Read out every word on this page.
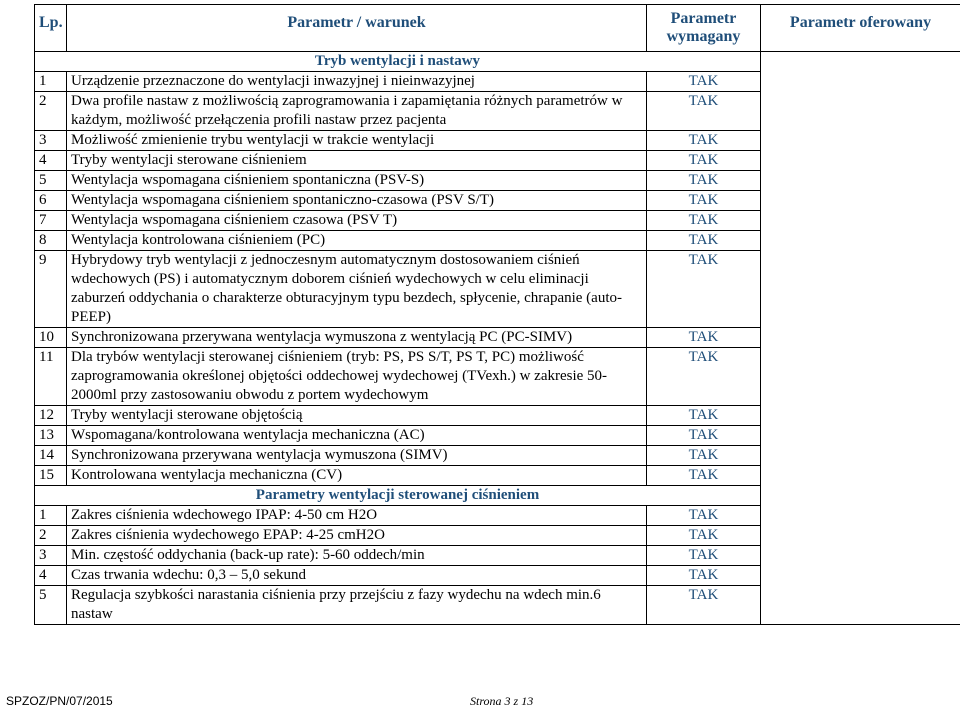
Lp.	Parametr / warunek	Parametr wymagany	Parametr oferowany
Tryb wentylacji i nastawy			
1	Urządzenie przeznaczone do wentylacji inwazyjnej i nieinwazyjnej	TAK	
2	Dwa profile nastaw z możliwością zaprogramowania i zapamiętania różnych parametrów w każdym, możliwość przełączenia profili nastaw przez pacjenta	TAK	
3	Możliwość zmienienie trybu wentylacji w trakcie wentylacji	TAK	
4	Tryby wentylacji sterowane ciśnieniem	TAK	
5	Wentylacja wspomagana ciśnieniem spontaniczna (PSV-S)	TAK	
6	Wentylacja wspomagana ciśnieniem spontaniczno-czasowa (PSV S/T)	TAK	
7	Wentylacja wspomagana ciśnieniem czasowa (PSV T)	TAK	
8	Wentylacja kontrolowana ciśnieniem (PC)	TAK	
9	Hybrydowy tryb wentylacji z jednoczesnym automatycznym dostosowaniem ciśnień wdechowych (PS) i automatycznym doborem ciśnień wydechowych w celu eliminacji zaburzeń oddychania o charakterze obturacyjnym typu bezdech, spłycenie, chrapanie (auto-PEEP)	TAK	
10	Synchronizowana przerywana wentylacja wymuszona z wentylacją PC (PC-SIMV)	TAK	
11	Dla trybów wentylacji sterowanej ciśnieniem (tryb: PS, PS S/T, PS T, PC) możliwość zaprogramowania określonej objętości oddechowej wydechowej (TVexh.) w zakresie 50-2000ml przy zastosowaniu obwodu z portem wydechowym	TAK	
12	Tryby wentylacji sterowane objętością	TAK	
13	Wspomagana/kontrolowana wentylacja mechaniczna (AC)	TAK	
14	Synchronizowana przerywana wentylacja wymuszona (SIMV)	TAK	
15	Kontrolowana wentylacja mechaniczna (CV)	TAK	
Parametry wentylacji sterowanej ciśnieniem			
1	Zakres ciśnienia wdechowego IPAP: 4-50 cm H2O	TAK	
2	Zakres ciśnienia wydechowego EPAP: 4-25 cmH2O	TAK	
3	Min. częstość oddychania (back-up rate): 5-60 oddech/min	TAK	
4	Czas trwania wdechu: 0,3 – 5,0 sekund	TAK	
5	Regulacja szybkości narastania ciśnienia przy przejściu z fazy wydechu na wdech min.6 nastaw	TAK	
SPZOZ/PN/07/2015	Strona 3 z 13
